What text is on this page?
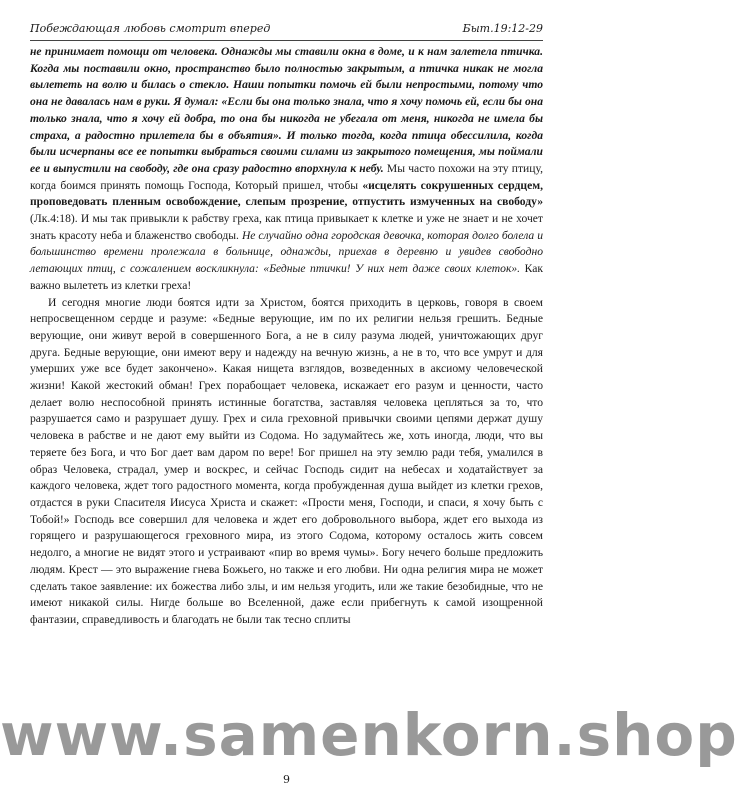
Побеждающая любовь смотрит вперед	Быт.19:12-29

не принимает помощи от человека. Однажды мы ставили окна в доме, и к нам залетела птичка. Когда мы поставили окно, пространство было полностью закрытым, а птичка никак не могла вылететь на волю и билась о стекло. Наши попытки помочь ей были непростыми, потому что она не давалась нам в руки. Я думал: «Если бы она только знала, что я хочу помочь ей, если бы она только знала, что я хочу ей добра, то она бы никогда не убегала от меня, никогда не имела бы страха, а радостно прилетела бы в объятия». И только тогда, когда птица обессилила, когда были исчерпаны все ее попытки выбраться своими силами из закрытого помещения, мы поймали ее и выпустили на свободу, где она сразу радостно впорхнула к небу. Мы часто похожи на эту птицу, когда боимся принять помощь Господа, Который пришел, чтобы «исцелять сокрушенных сердцем, проповедовать пленным освобождение, слепым прозрение, отпустить измученных на свободу» (Лк.4:18). И мы так привыкли к рабству греха, как птица привыкает к клетке и уже не знает и не хочет знать красоту неба и блаженство свободы. Не случайно одна городская девочка, которая долго болела и большинство времени пролежала в больнице, однажды, приехав в деревню и увидев свободно летающих птиц, с сожалением воскликнула: «Бедные птички! У них нет даже своих клеток». Как важно вылететь из клетки греха!

И сегодня многие люди боятся идти за Христом, боятся приходить в церковь, говоря в своем непросвещенном сердце и разуме: «Бедные верующие, им по их религии нельзя грешить. Бедные верующие, они живут верой в совершенного Бога, а не в силу разума людей, уничтожающих друг друга. Бедные верующие, они имеют веру и надежду на вечную жизнь, а не в то, что все умрут и для умерших уже все будет закончено». Какая нищета взглядов, возведенных в аксиому человеческой жизни! Какой жестокий обман! Грех порабощает человека, искажает его разум и ценности, часто делает волю неспособной принять истинные богатства, заставляя человека цепляться за то, что разрушается само и разрушает душу. Грех и сила греховной привычки своими цепями держат душу человека в рабстве и не дают ему выйти из Содома. Но задумайтесь же, хоть иногда, люди, что вы теряете без Бога, и что Бог дает вам даром по вере! Бог пришел на эту землю ради тебя, умалился в образ Человека, страдал, умер и воскрес, и сейчас Господь сидит на небесах и ходатайствует за каждого человека, ждет того радостного момента, когда пробужденная душа выйдет из клетки грехов, отдастся в руки Спасителя Иисуса Христа и скажет: «Прости меня, Господи, и спаси, я хочу быть с Тобой!» Господь все совершил для человека и ждет его добровольного выбора, ждет его выхода из горящего и разрушающегося греховного мира, из этого Содома, которому осталось жить совсем недолго, а многие не видят этого и устраивают «пир во время чумы». Богу нечего больше предложить людям. Крест — это выражение гнева Божьего, но также и его любви. Ни одна религия мира не может сделать такое заявление: их божества либо злы, и им нельзя угодить, или же такие безобидные, что не имеют никакой силы. Нигде больше во Вселенной, даже если прибегнуть к самой изощренной фантазии, справедливость и благодать не были так тесно сплиты

www.samenkorn.shop
9
